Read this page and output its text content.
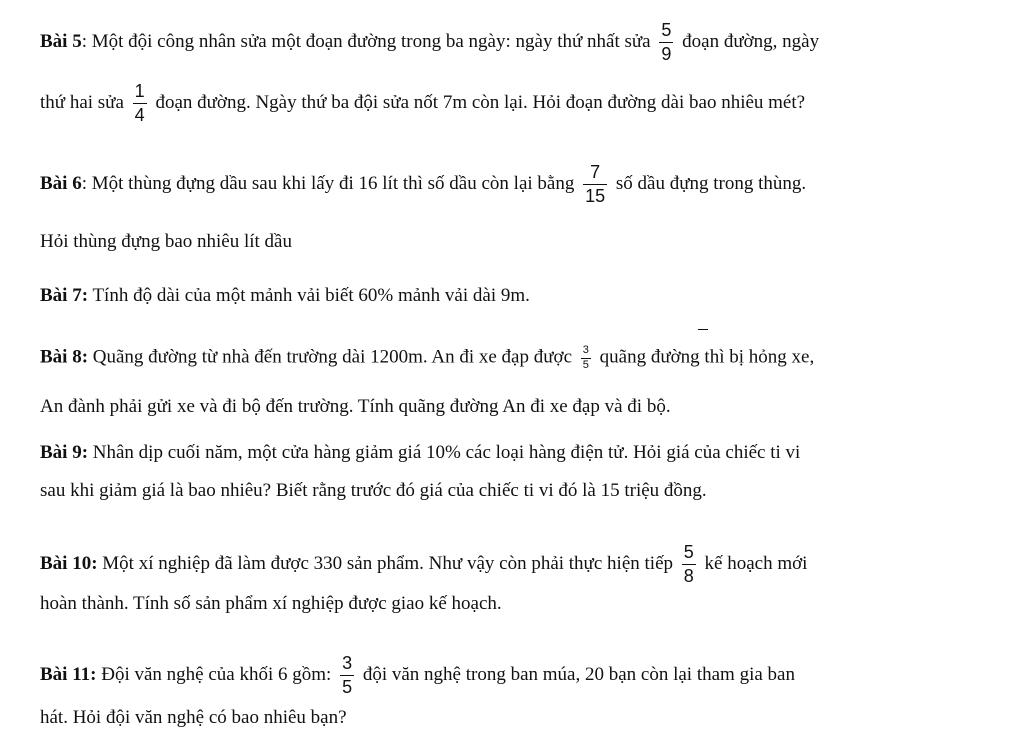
Bài 5: Một đội công nhân sửa một đoạn đường trong ba ngày: ngày thứ nhất sửa $\frac{5}{9}$ đoạn đường, ngày
thứ hai sửa $\frac{1}{4}$ đoạn đường. Ngày thứ ba đội sửa nốt 7m còn lại. Hỏi đoạn đường dài bao nhiêu mét?
Bài 6: Một thùng đựng dầu sau khi lấy đi 16 lít thì số dầu còn lại bằng $\frac{7}{15}$ số dầu đựng trong thùng.
Hỏi thùng đựng bao nhiêu lít dầu
Bài 7: Tính độ dài của một mảnh vải biết 60% mảnh vải dài 9m.
Bài 8: Quãng đường từ nhà đến trường dài 1200m. An đi xe đạp được $\frac{3}{5}$ quãng đường thì bị hỏng xe,
An đành phải gửi xe và đi bộ đến trường. Tính quãng đường An đi xe đạp và đi bộ.
Bài 9: Nhân dịp cuối năm, một cửa hàng giảm giá 10% các loại hàng điện tử. Hỏi giá của chiếc ti vi
sau khi giảm giá là bao nhiêu? Biết rằng trước đó giá của chiếc ti vi đó là 15 triệu đồng.
Bài 10: Một xí nghiệp đã làm được 330 sản phẩm. Như vậy còn phải thực hiện tiếp $\frac{5}{8}$ kế hoạch mới
hoàn thành. Tính số sản phẩm xí nghiệp được giao kế hoạch.
Bài 11: Đội văn nghệ của khối 6 gồm: $\frac{3}{5}$ đội văn nghệ trong ban múa, 20 bạn còn lại tham gia ban
hát. Hỏi đội văn nghệ có bao nhiêu bạn?
